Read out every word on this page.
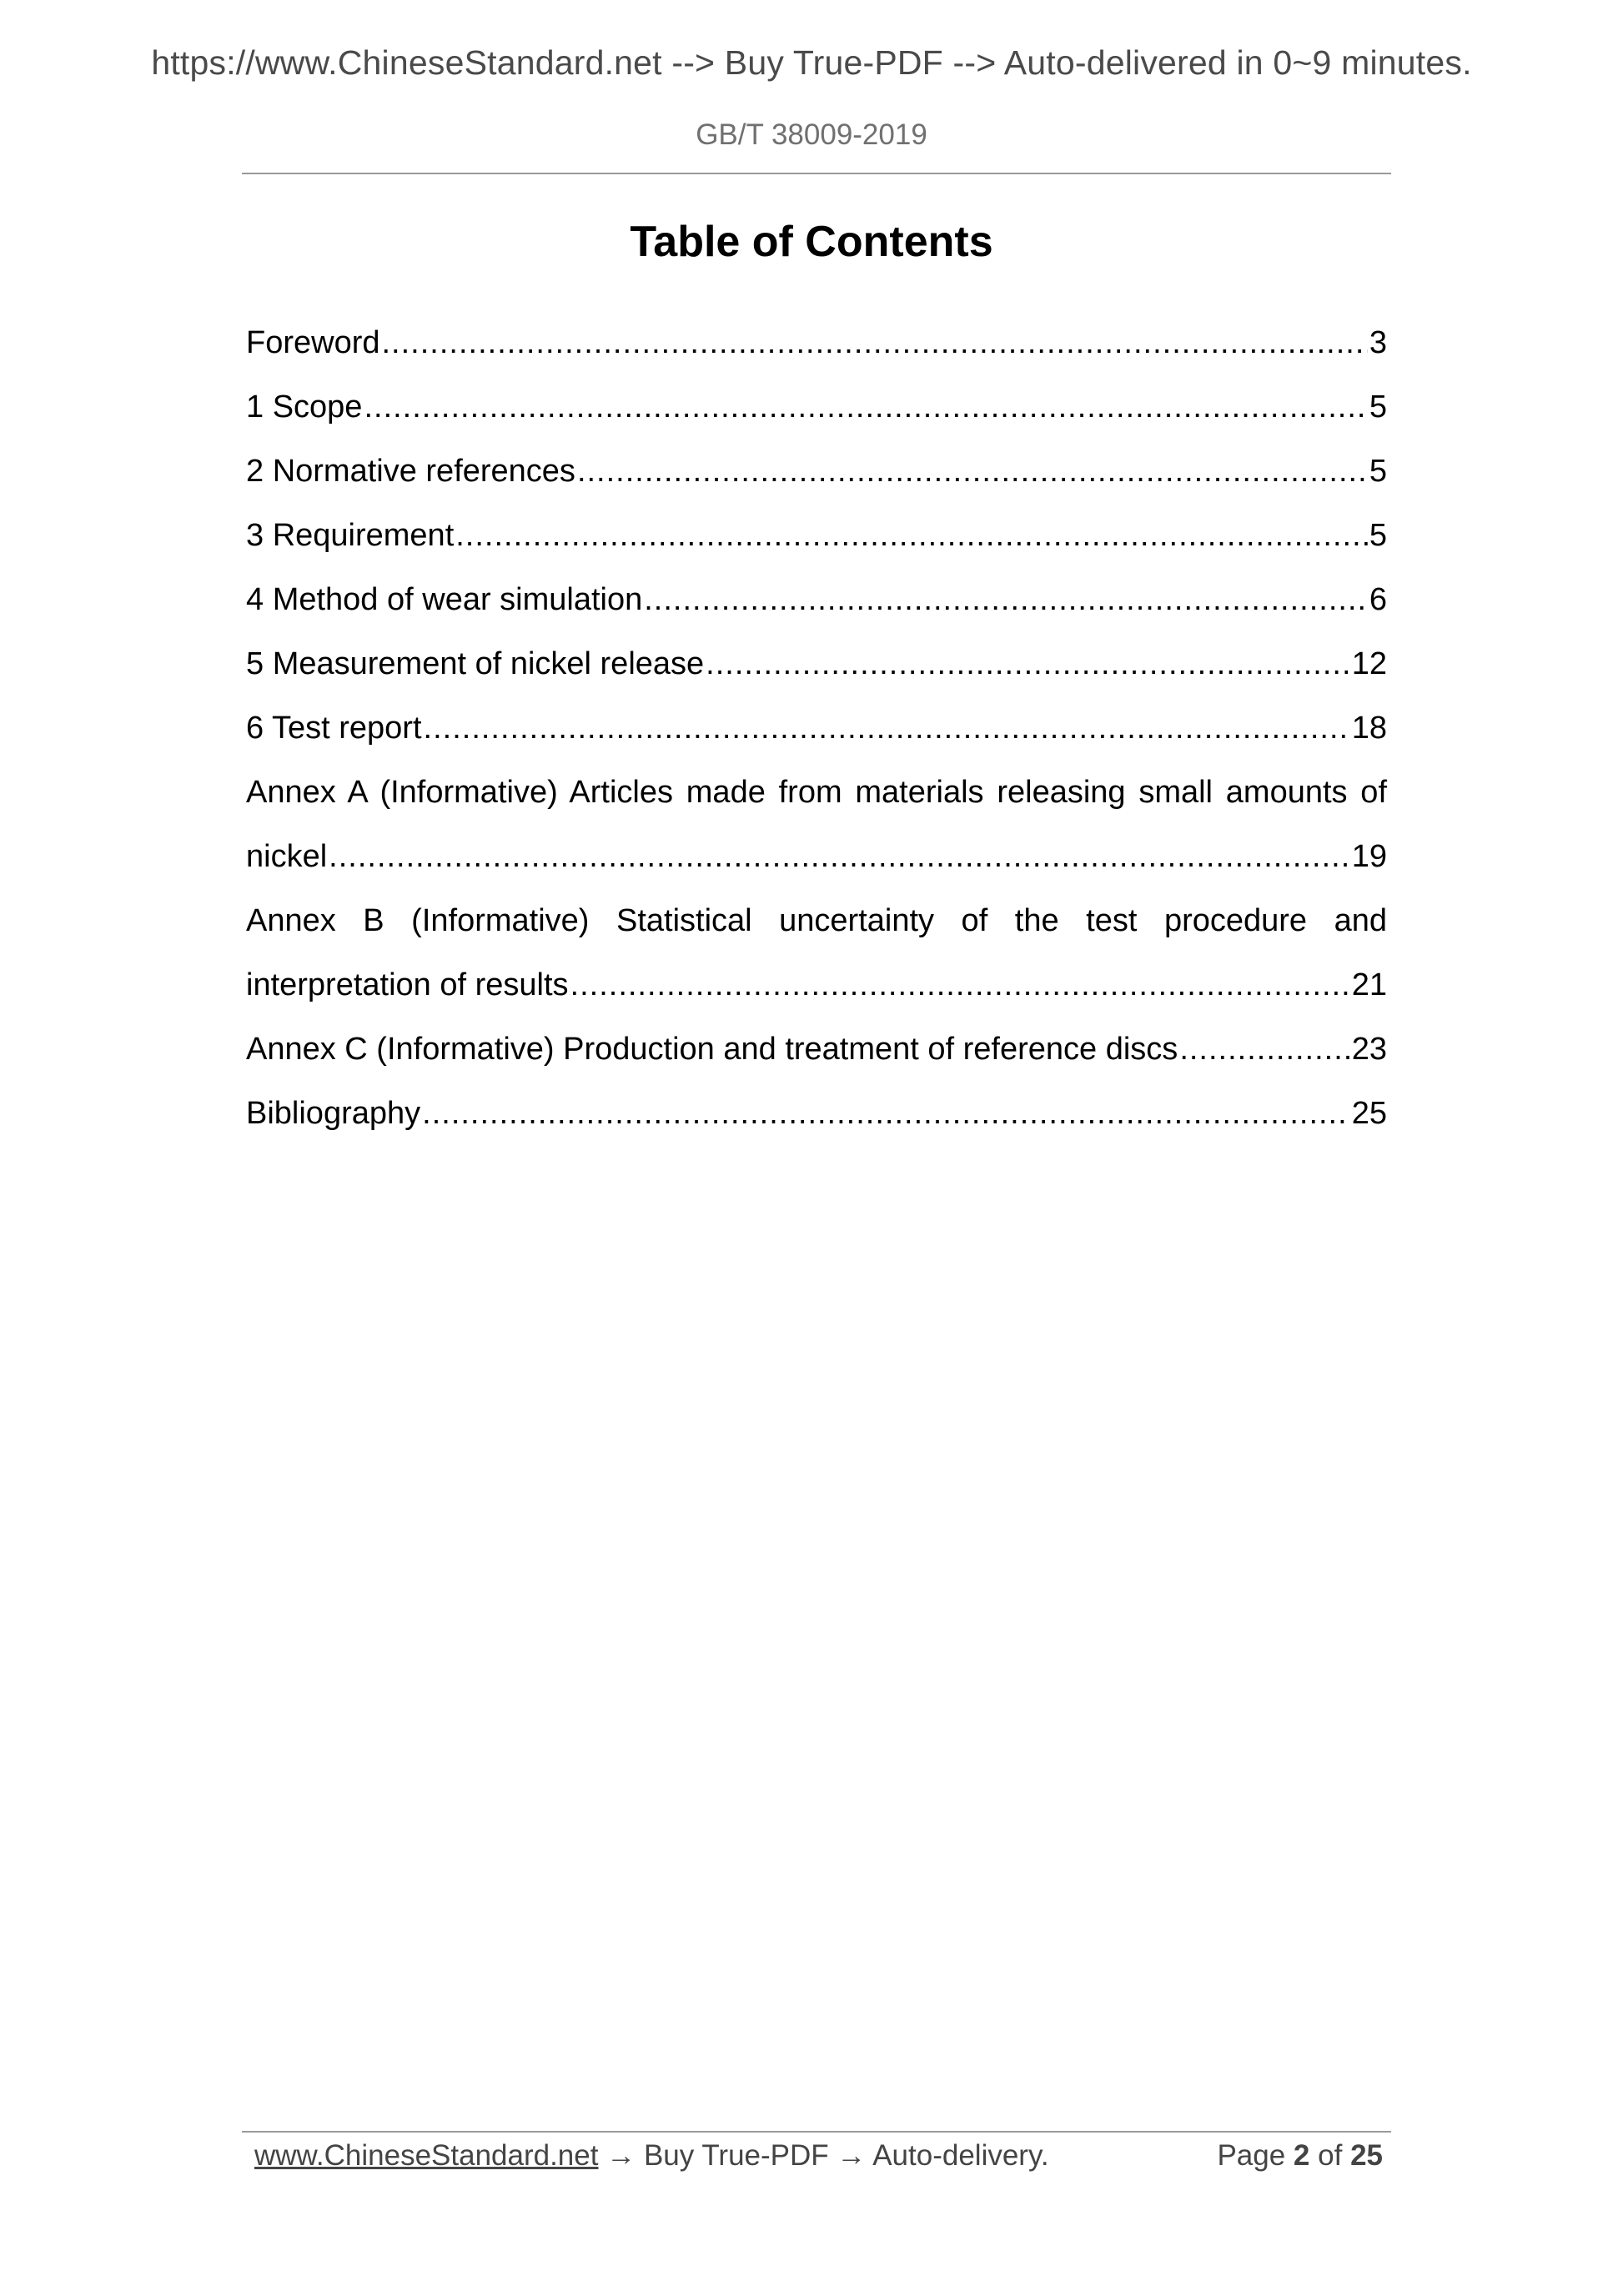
https://www.ChineseStandard.net --> Buy True-PDF --> Auto-delivered in 0~9 minutes.
GB/T 38009-2019
Table of Contents
Foreword .....	3
1 Scope .....	5
2 Normative references .....	5
3 Requirement .....	5
4 Method of wear simulation .....	6
5 Measurement of nickel release .....	12
6 Test report .....	18
Annex A (Informative) Articles made from materials releasing small amounts of
nickel .....	19
Annex B (Informative) Statistical uncertainty of the test procedure and
interpretation of results .....	21
Annex C (Informative) Production and treatment of reference discs .....	23
Bibliography .....	25
www.ChineseStandard.net → Buy True-PDF → Auto-delivery.	Page 2 of 25
